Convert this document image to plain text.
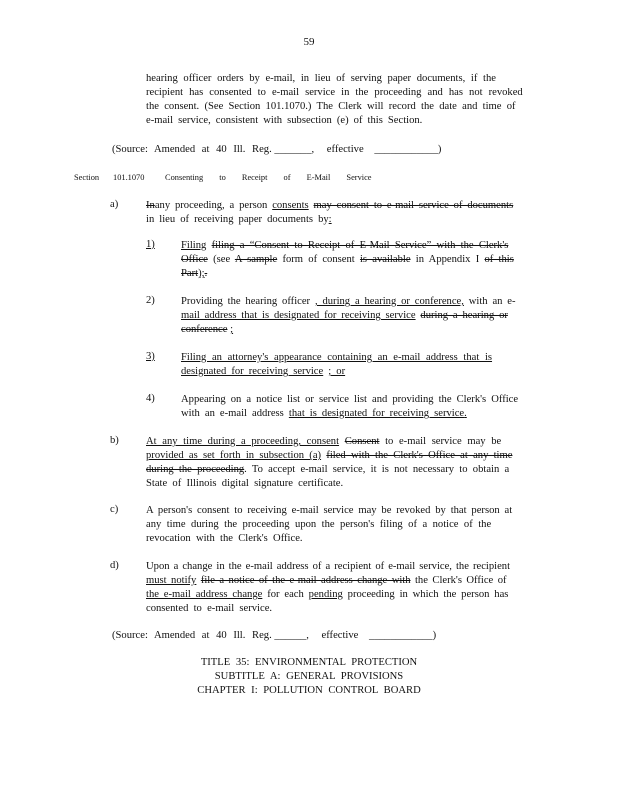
59
hearing officer orders by e-mail, in lieu of serving paper documents, if the
recipient has consented to e-mail service in the proceeding and has not revoked
the consent. (See Section 101.1070.) The Clerk will record the date and time of
e-mail service, consistent with subsection (e) of this Section.
(Source: Amended at 40 Ill. Reg. _______, effective ____________)
Section 101.1070 Consenting to Receipt of E-Mail Service
a)	Inany proceeding, a person consents may consent to e-mail service of documents
in lieu of receiving paper documents by:
1) Filing filing a “Consent to Receipt of E-Mail Service” with the Clerk's
Office (see A sample form of consent is available in Appendix I of this
Part);.
2) Providing the hearing officer , during a hearing or conference, with an e-
mail address that is designated for receiving service during a hearing or
conference ;
3) Filing an attorney's appearance containing an e-mail address that is
designated for receiving service ; or
4) Appearing on a notice list or service list and providing the Clerk's Office
with an e-mail address that is designated for receiving service.
b)	At any time during a proceeding, consent Consent to e-mail service may be
provided as set forth in subsection (a) filed with the Clerk's Office at any time
during the proceeding. To accept e-mail service, it is not necessary to obtain a
State of Illinois digital signature certificate.
c)	A person's consent to receiving e-mail service may be revoked by that person at
any time during the proceeding upon the person's filing of a notice of the
revocation with the Clerk's Office.
d)	Upon a change in the e-mail address of a recipient of e-mail service, the recipient
must notify file a notice of the e-mail address change with the Clerk's Office of
the e-mail address change for each pending proceeding in which the person has
consented to e-mail service.
(Source: Amended at 40 Ill. Reg. ______, effective ____________)
TITLE 35: ENVIRONMENTAL PROTECTION
SUBTITLE A: GENERAL PROVISIONS
CHAPTER I: POLLUTION CONTROL BOARD
